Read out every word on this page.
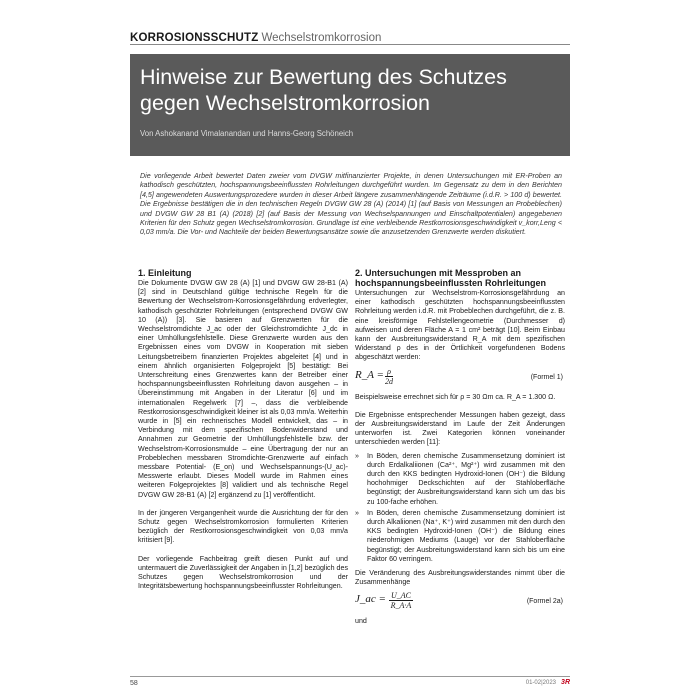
KORROSIONSSCHUTZ Wechselstromkorrosion
Hinweise zur Bewertung des Schutzes
gegen Wechselstromkorrosion
Von Ashokanand Vimalanandan und Hanns-Georg Schöneich
Die vorliegende Arbeit bewertet Daten zweier vom DVGW mitfinanzierter Projekte, in denen Untersuchungen mit ER-Proben an kathodisch geschützten, hochspannungsbeeinflussten Rohrleitungen durchgeführt wurden. Im Gegensatz zu dem in den Berichten [4,5] angewendeten Auswertungsprozedere wurden in dieser Arbeit längere zusammenhängende Zeiträume (i.d.R. > 100 d) bewertet. Die Ergebnisse bestätigen die in den technischen Regeln DVGW GW 28 (A) (2014) [1] (auf Basis von Messungen an Probeblechen) und DVGW GW 28 B1 (A) (2018) [2] (auf Basis der Messung von Wechselspannungen und Einschaltpotentialen) angegebenen Kriterien für den Schutz gegen Wechselstromkorrosion. Grundlage ist eine verbleibende Restkorrosionsgeschwindigkeit v_korr,Leng < 0,03 mm/a. Die Vor- und Nachteile der beiden Bewertungsansätze sowie die anzusetzenden Grenzwerte werden diskutiert.
1. Einleitung

Die Dokumente DVGW GW 28 (A) [1] und DVGW GW 28-B1 (A) [2] sind in Deutschland gültige technische Regeln für die Bewertung der Wechselstrom-Korrosionsgefährdung erdverlegter, kathodisch geschützter Rohrleitungen (entsprechend DVGW GW 10 (A)) [3]. Sie basieren auf Grenzwerten für die Wechselstromdichte J_ac oder der Gleichstromdichte J_dc in einer Umhüllungsfehlstelle. Diese Grenzwerte wurden aus den Ergebnissen eines vom DVGW in Kooperation mit sieben Leitungsbetreibern finanzierten Projektes abgeleitet [4] und in einem ähnlich organisierten Folgeprojekt [5] bestätigt: Bei Unterschreitung eines Grenzwertes kann der Betreiber einer hochspannungsbeeinflussten Rohrleitung davon ausgehen – in Übereinstimmung mit Angaben in der Literatur [6] und im internationalen Regelwerk [7] –, dass die verbleibende Restkorrosionsgeschwindigkeit kleiner ist als 0,03 mm/a. Weiterhin wurde in [5] ein rechnerisches Modell entwickelt, das – in Verbindung mit dem spezifischen Bodenwiderstand und Annahmen zur Geometrie der Umhüllungsfehlstelle bzw. der Wechselstrom-Korrosionsmulde – eine Übertragung der nur an Probeblechen messbaren Stromdichte-Grenzwerte auf einfach messbare Potential- (E_on) und Wechselspannungs-(U_ac)-Messwerte erlaubt. Dieses Modell wurde im Rahmen eines weiteren Folgeprojektes [8] validiert und als technische Regel DVGW GW 28-B1 (A) [2] ergänzend zu [1] veröffentlicht.

In der jüngeren Vergangenheit wurde die Ausrichtung der für den Schutz gegen Wechselstromkorrosion formulierten Kriterien bezüglich der Restkorrosionsgeschwindigkeit von 0,03 mm/a kritisiert [9].

Der vorliegende Fachbeitrag greift diesen Punkt auf und untermauert die Zuverlässigkeit der Angaben in [1,2] bezüglich des Schutzes gegen Wechselstromkorrosion und der Integritätsbewertung hochspannungsbeeinflusster Rohrleitungen.

2. Untersuchungen mit Messproben an hochspannungsbeeinflussten Rohrleitungen

Untersuchungen zur Wechselstrom-Korrosionsgefährdung an einer kathodisch geschützten hochspannungsbeeinflussten Rohrleitung werden i.d.R. mit Probeblechen durchgeführt, die z. B. eine kreisförmige Fehlstellengeometrie (Durchmesser d) aufweisen und deren Fläche A = 1 cm² beträgt [10]. Beim Einbau kann der Ausbreitungswiderstand R_A mit dem spezifischen Widerstand ρ des in der Örtlichkeit vorgefundenen Bodens abgeschätzt werden:

R_A = $\frac{\rho}{2d}$	(Formel 1)

Beispielsweise errechnet sich für ρ = 30 Ωm ca. R_A = 1.300 Ω.

Die Ergebnisse entsprechender Messungen haben gezeigt, dass der Ausbreitungswiderstand im Laufe der Zeit Änderungen unterworfen ist. Zwei Kategorien können voneinander unterschieden werden [11]:

» In Böden, deren chemische Zusammensetzung dominiert ist durch Erdalkaliionen (Ca²⁺, Mg²⁺) wird zusammen mit den durch den KKS bedingten Hydroxid-Ionen (OH⁻) die Bildung hochohmiger Deckschichten auf der Stahloberfläche begünstigt; der Ausbreitungswiderstand kann sich um das bis zu 100-fache erhöhen.
» In Böden, deren chemische Zusammensetzung dominiert ist durch Alkaliionen (Na⁺, K⁺) wird zusammen mit den durch den KKS bedingten Hydroxid-Ionen (OH⁻) die Bildung eines niederohmigen Mediums (Lauge) vor der Stahloberfläche begünstigt; der Ausbreitungswiderstand kann sich bis um eine Faktor 60 verringern.

Die Veränderung des Ausbreitungswiderstandes nimmt über die Zusammenhänge

J_ac = $\frac{U\_AC}{R\_A\cdot A}$	(Formel 2a)

und

58	01-02|2023 3R
